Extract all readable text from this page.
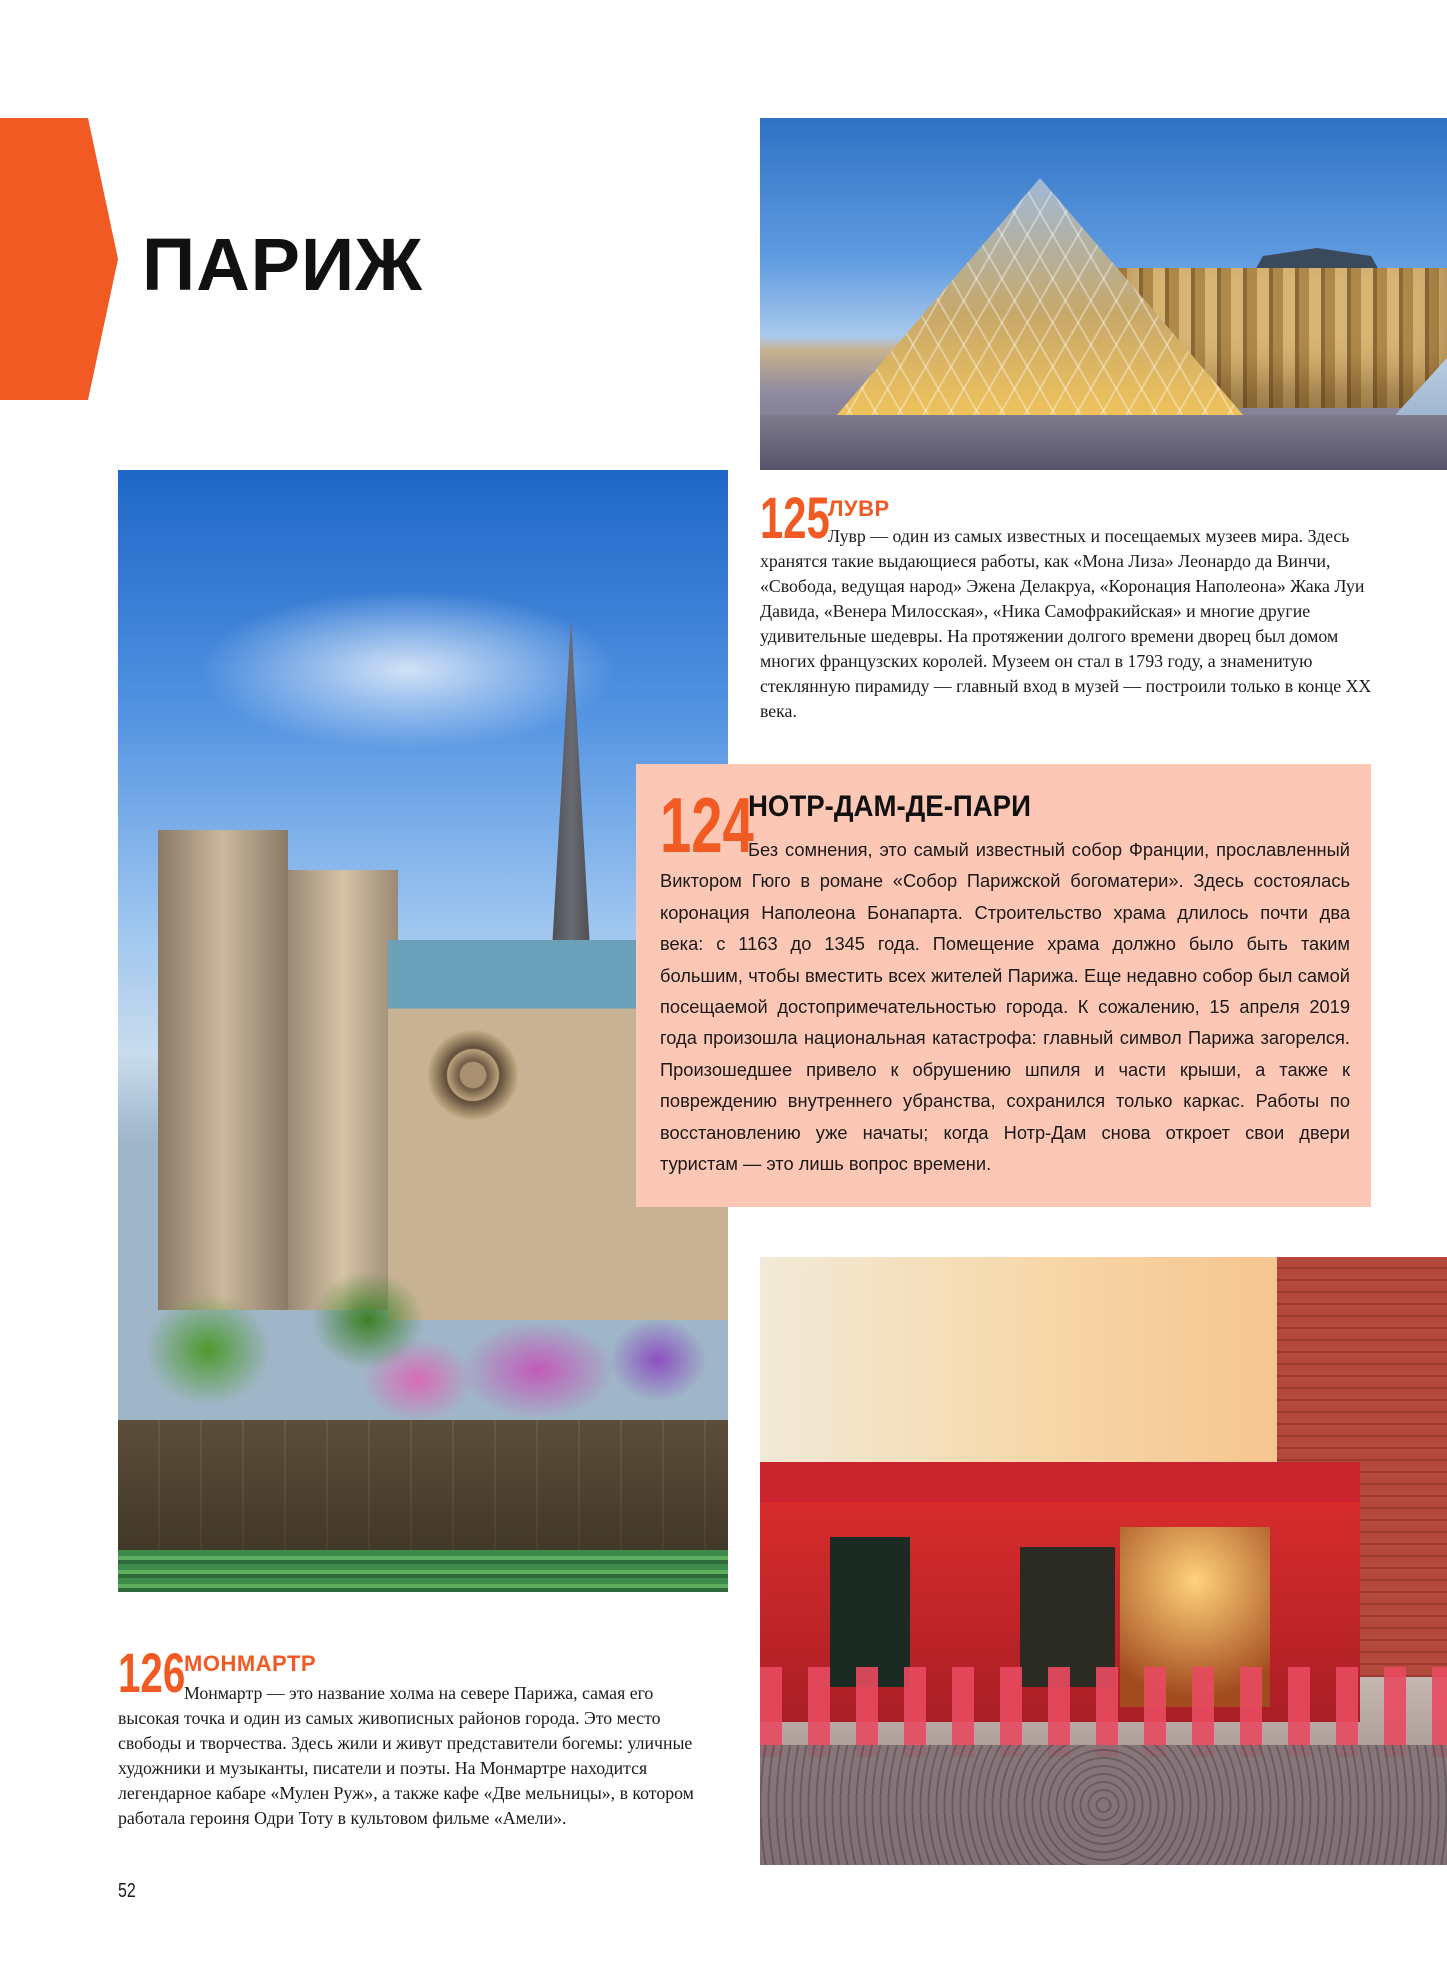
ПАРИЖ
125
ЛУВР

Лувр — один из самых известных и посещаемых музеев мира. Здесь хранятся такие выдающиеся работы, как «Мона Лиза» Леонардо да Винчи, «Свобода, ведущая народ» Эжена Делакруа, «Коронация Наполеона» Жака Луи Давида, «Венера Милосская», «Ника Самофракийская» и многие другие удивительные шедевры. На протяжении долгого времени дворец был домом многих французских королей. Музеем он стал в 1793 году, а знаменитую стеклянную пирамиду — главный вход в музей — построили только в конце XX века.

124
НОТР-ДАМ-ДЕ-ПАРИ

Без сомнения, это самый известный собор Франции, прославленный Виктором Гюго в романе «Собор Парижской богоматери». Здесь состоялась коронация Наполеона Бонапарта. Строительство храма длилось почти два века: с 1163 до 1345 года. Помещение храма должно было быть таким большим, чтобы вместить всех жителей Парижа. Еще недавно собор был самой посещаемой достопримечательностью города. К сожалению, 15 апреля 2019 года произошла национальная катастрофа: главный символ Парижа загорелся. Произошедшее привело к обрушению шпиля и части крыши, а также к повреждению внутреннего убранства, сохранился только каркас. Работы по восстановлению уже начаты; когда Нотр-Дам снова откроет свои двери туристам — это лишь вопрос времени.

126
МОНМАРТР

Монмартр — это название холма на севере Парижа, самая его высокая точка и один из самых живописных районов города. Это место свободы и творчества. Здесь жили и живут представители богемы: уличные художники и музыканты, писатели и поэты. На Монмартре находится легендарное кабаре «Мулен Руж», а также кафе «Две мельницы», в котором работала героиня Одри Тоту в культовом фильме «Амели».

52
